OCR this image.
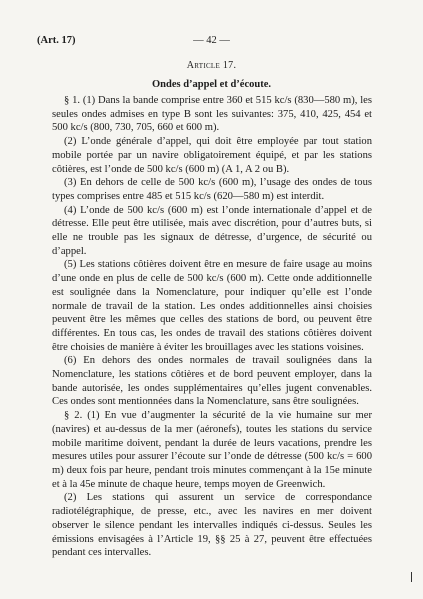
(Art. 17)	— 42 —
Article 17.
Ondes d’appel et d’écoute.

§ 1. (1) Dans la bande comprise entre 360 et 515 kc/s (830—580 m), les seules ondes admises en type B sont les suivantes: 375, 410, 425, 454 et 500 kc/s (800, 730, 705, 660 et 600 m).

(2) L’onde générale d’appel, qui doit être employée par tout station mobile portée par un navire obligatoirement équipé, et par les stations côtières, est l’onde de 500 kc/s (600 m) (A 1, A 2 ou B).

(3) En dehors de celle de 500 kc/s (600 m), l’usage des ondes de tous types comprises entre 485 et 515 kc/s (620—580 m) est interdit.

(4) L’onde de 500 kc/s (600 m) est l’onde internationale d’appel et de détresse. Elle peut être utilisée, mais avec discrétion, pour d’autres buts, si elle ne trouble pas les signaux de détresse, d’urgence, de sécurité ou d’appel.

(5) Les stations côtières doivent être en mesure de faire usage au moins d’une onde en plus de celle de 500 kc/s (600 m). Cette onde additionnelle est soulignée dans la Nomenclature, pour indiquer qu’elle est l’onde normale de travail de la station. Les ondes additionnelles ainsi choisies peuvent être les mêmes que celles des stations de bord, ou peuvent être différentes. En tous cas, les ondes de travail des stations côtières doivent être choisies de manière à éviter les brouillages avec les stations voisines.

(6) En dehors des ondes normales de travail soulignées dans la Nomenclature, les stations côtières et de bord peuvent employer, dans la bande autorisée, les ondes supplémentaires qu’elles jugent convenables. Ces ondes sont mentionnées dans la Nomenclature, sans être soulignées.

§ 2. (1) En vue d’augmenter la sécurité de la vie humaine sur mer (navires) et au-dessus de la mer (aéronefs), toutes les stations du service mobile maritime doivent, pendant la durée de leurs vacations, prendre les mesures utiles pour assurer l’écoute sur l’onde de détresse (500 kc/s = 600 m) deux fois par heure, pendant trois minutes commençant à la 15e minute et à la 45e minute de chaque heure, temps moyen de Greenwich.

(2) Les stations qui assurent un service de correspondance radiotélégraphique, de presse, etc., avec les navires en mer doivent observer le silence pendant les intervalles indiqués ci-dessus. Seules les émissions envisagées à l’Article 19, §§ 25 à 27, peuvent être effectuées pendant ces intervalles.
